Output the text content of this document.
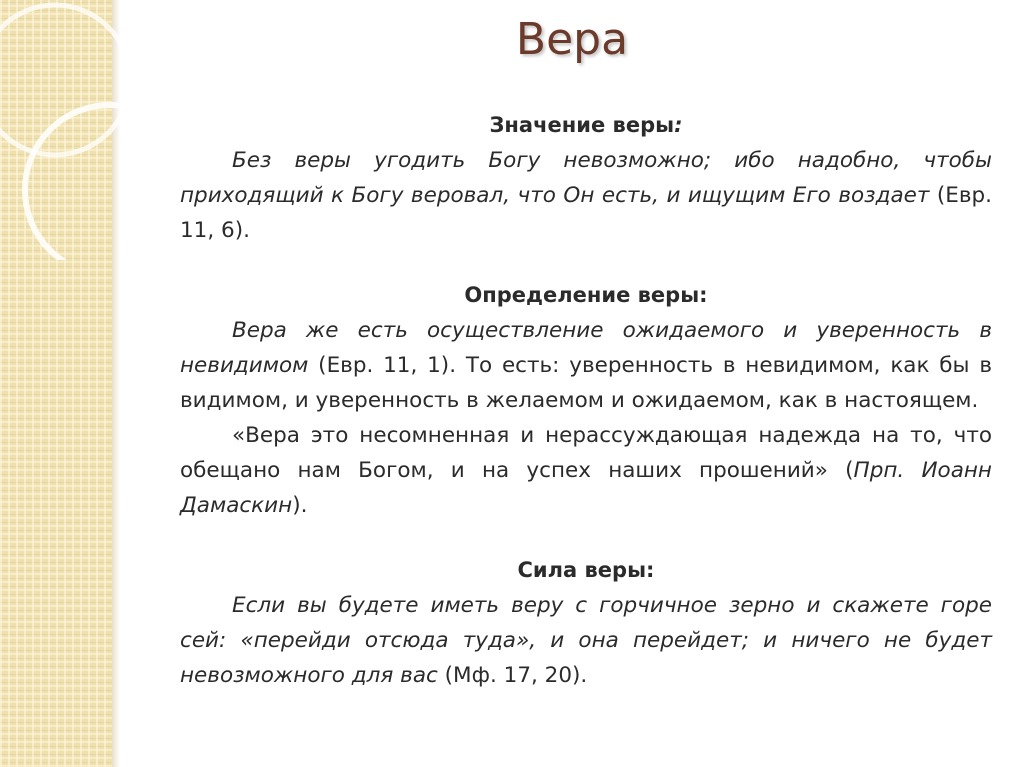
Вера
Значение веры:

Без веры угодить Богу невозможно; ибо надобно, чтобы приходящий к Богу веровал, что Он есть, и ищущим Его воздает (Евр. 11, 6).

Определение веры:

Вера же есть осуществление ожидаемого и уверенность в невидимом (Евр. 11, 1). То есть: уверенность в невидимом, как бы в видимом, и уверенность в желаемом и ожидаемом, как в настоящем.

«Вера это несомненная и нерассуждающая надежда на то, что обещано нам Богом, и на успех наших прошений» (Прп. Иоанн Дамаскин).

Сила веры:

Если вы будете иметь веру с горчичное зерно и скажете горе сей: «перейди отсюда туда», и она перейдет; и ничего не будет невозможного для вас (Мф. 17, 20).
